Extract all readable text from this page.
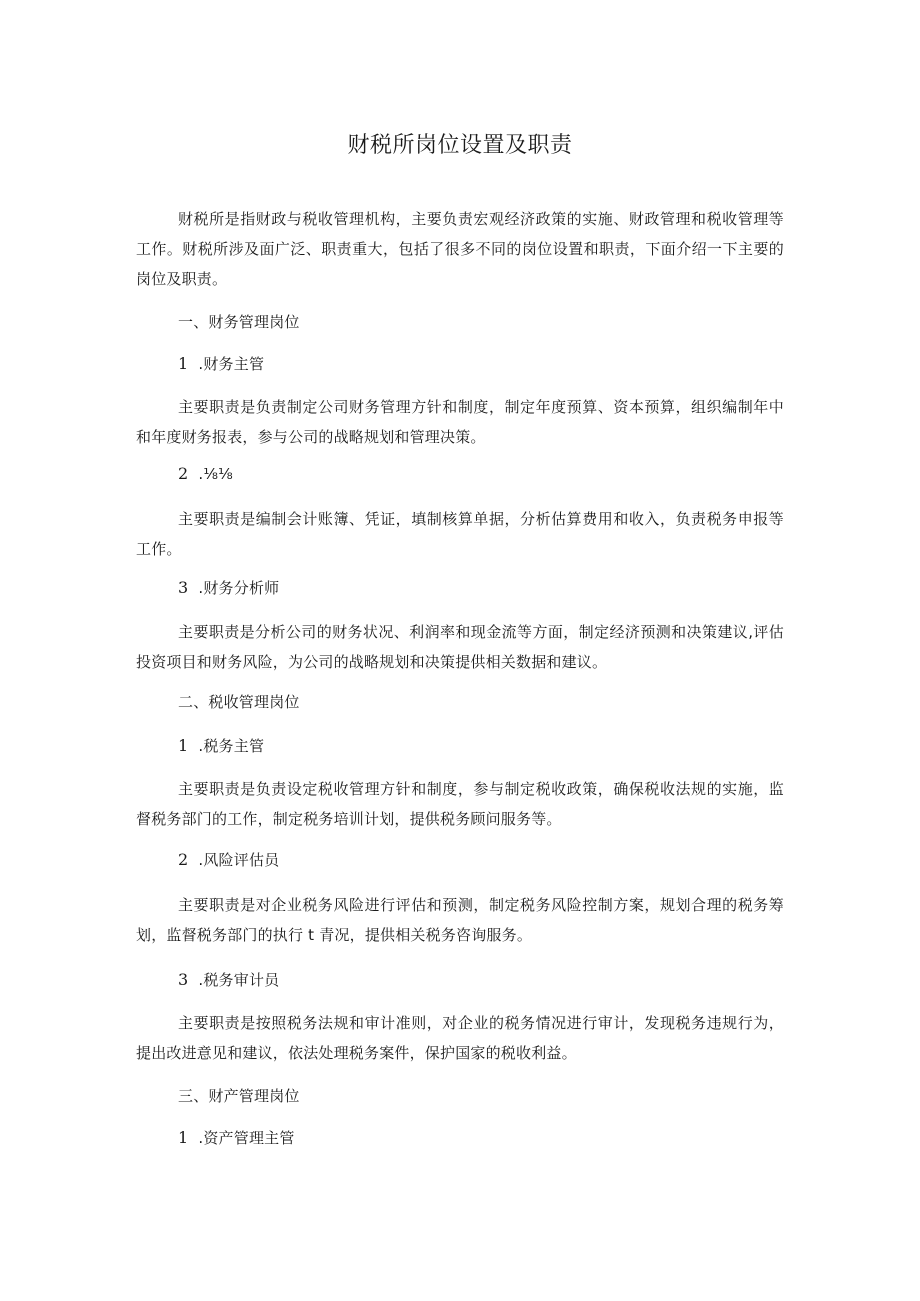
财税所岗位设置及职责
财税所是指财政与税收管理机构，主要负责宏观经济政策的实施、财政管理和税收管理等工作。财税所涉及面广泛、职责重大，包括了很多不同的岗位设置和职责，下面介绍一下主要的岗位及职责。
一、财务管理岗位
1 .财务主管
主要职责是负责制定公司财务管理方针和制度，制定年度预算、资本预算，组织编制年中和年度财务报表，参与公司的战略规划和管理决策。
2 .⅛⅛
主要职责是编制会计账簿、凭证，填制核算单据，分析估算费用和收入，负责税务申报等工作。
3 .财务分析师
主要职责是分析公司的财务状况、利润率和现金流等方面，制定经济预测和决策建议,评估投资项目和财务风险，为公司的战略规划和决策提供相关数据和建议。
二、税收管理岗位
1 .税务主管
主要职责是负责设定税收管理方针和制度，参与制定税收政策，确保税收法规的实施，监督税务部门的工作，制定税务培训计划，提供税务顾问服务等。
2 .风险评估员
主要职责是对企业税务风险进行评估和预测，制定税务风险控制方案，规划合理的税务筹划，监督税务部门的执行 t 青况，提供相关税务咨询服务。
3 .税务审计员
主要职责是按照税务法规和审计准则，对企业的税务情况进行审计，发现税务违规行为，提出改进意见和建议，依法处理税务案件，保护国家的税收利益。
三、财产管理岗位
1 .资产管理主管
